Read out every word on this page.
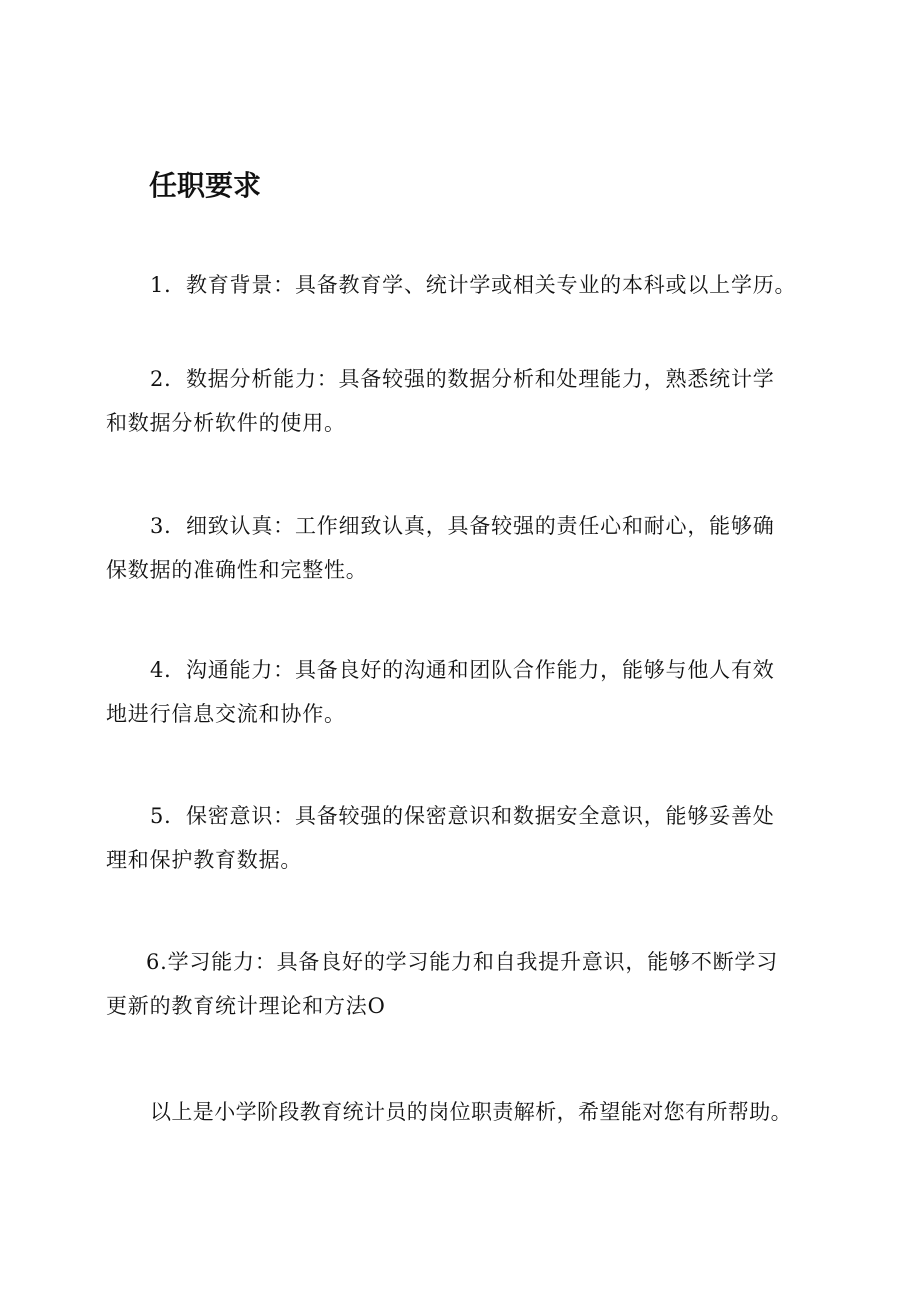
任职要求

1．教育背景：具备教育学、统计学或相关专业的本科或以上学历。

2．数据分析能力：具备较强的数据分析和处理能力，熟悉统计学

和数据分析软件的使用。

3．细致认真：工作细致认真，具备较强的责任心和耐心，能够确

保数据的准确性和完整性。

4．沟通能力：具备良好的沟通和团队合作能力，能够与他人有效

地进行信息交流和协作。

5．保密意识：具备较强的保密意识和数据安全意识，能够妥善处

理和保护教育数据。

6.学习能力：具备良好的学习能力和自我提升意识，能够不断学习

更新的教育统计理论和方法O

以上是小学阶段教育统计员的岗位职责解析，希望能对您有所帮助。
